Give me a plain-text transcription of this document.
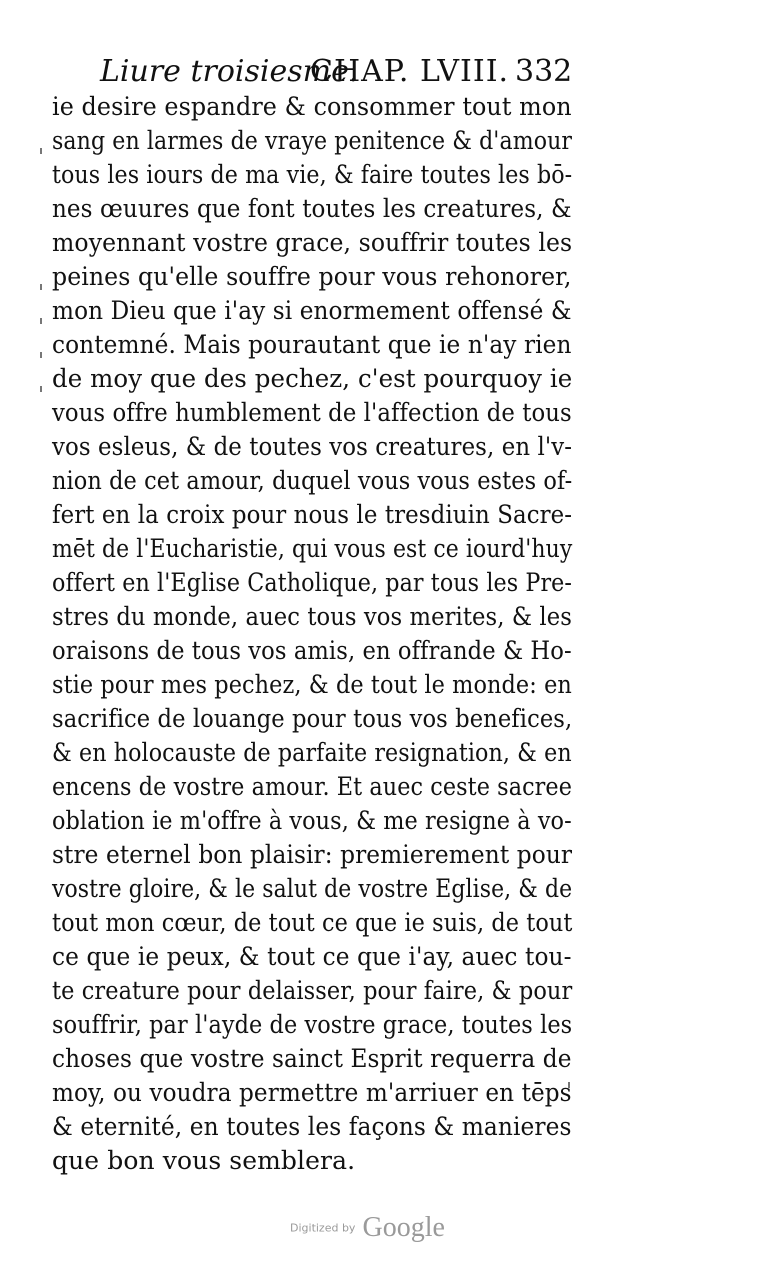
Liure troisiesme.
CHAP. LVIII. 332
ie desire espandre & consommer tout mon
sang en larmes de vraye penitence & d'amour
tous les iours de ma vie, & faire toutes les bō-
nes œuures que font toutes les creatures, &
moyennant vostre grace, souffrir toutes les
peines qu'elle souffre pour vous rehonorer,
mon Dieu que i'ay si enormement offensé &
contemné. Mais pourautant que ie n'ay rien
de moy que des pechez, c'est pourquoy ie
vous offre humblement de l'affection de tous
vos esleus, & de toutes vos creatures, en l'v-
nion de cet amour, duquel vous vous estes of-
fert en la croix pour nous le tresdiuin Sacre-
mēt de l'Eucharistie, qui vous est ce iourd'huy
offert en l'Eglise Catholique, par tous les Pre-
stres du monde, auec tous vos merites, & les
oraisons de tous vos amis, en offrande & Ho-
stie pour mes pechez, & de tout le monde: en
sacrifice de louange pour tous vos benefices,
& en holocauste de parfaite resignation, & en
encens de vostre amour. Et auec ceste sacree
oblation ie m'offre à vous, & me resigne à vo-
stre eternel bon plaisir: premierement pour
vostre gloire, & le salut de vostre Eglise, & de
tout mon cœur, de tout ce que ie suis, de tout
ce que ie peux, & tout ce que i'ay, auec tou-
te creature pour delaisser, pour faire, & pour
souffrir, par l'ayde de vostre grace, toutes les
choses que vostre sainct Esprit requerra de
moy, ou voudra permettre m'arriuer en tēps
& eternité, en toutes les façons & manieres
que bon vous semblera.
Digitized by Google
